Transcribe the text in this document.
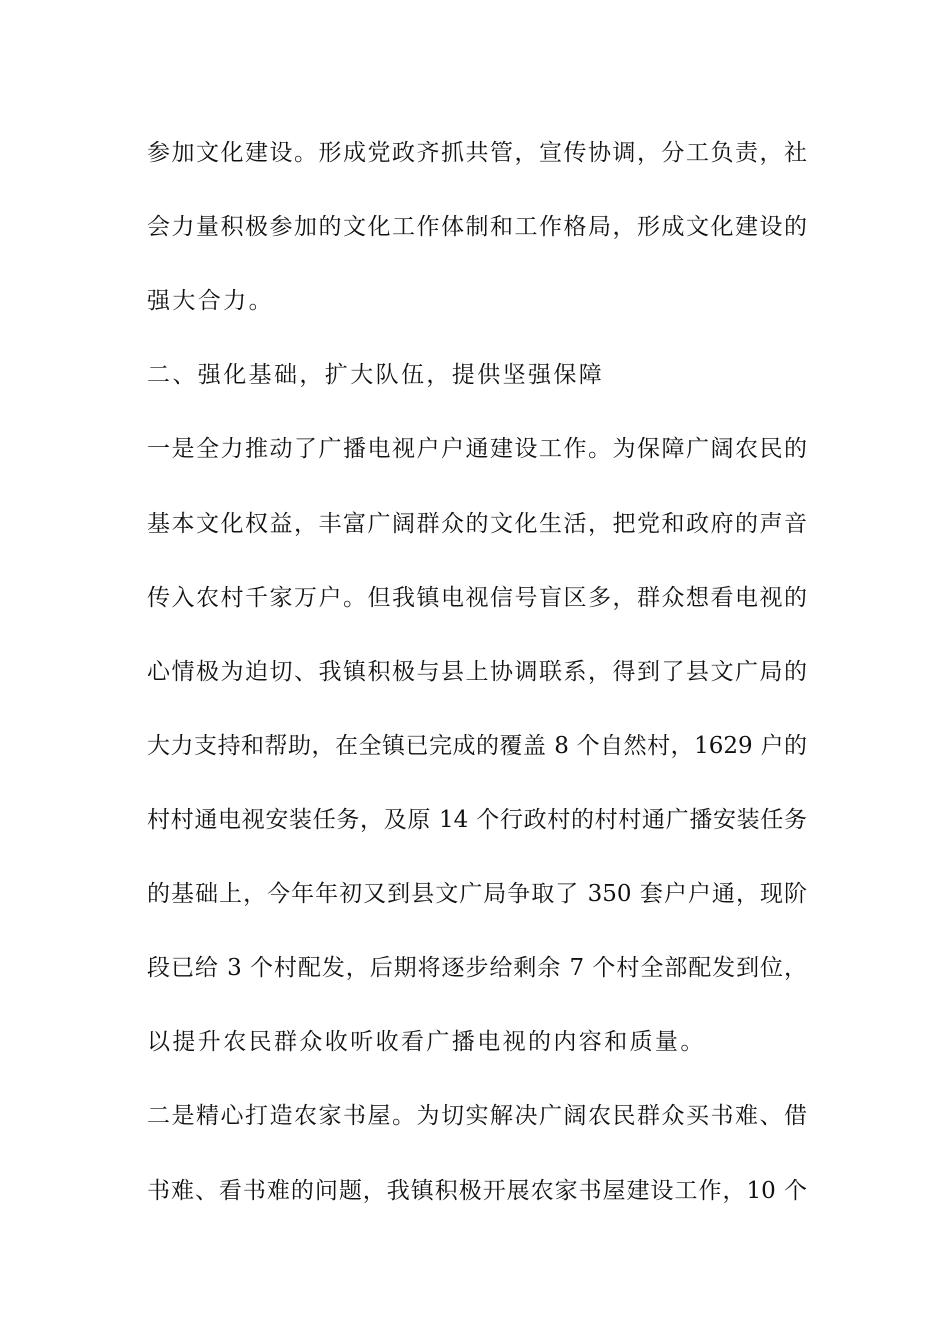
参加文化建设。形成党政齐抓共管，宣传协调，分工负责，社
会力量积极参加的文化工作体制和工作格局，形成文化建设的
强大合力。
二、强化基础，扩大队伍，提供坚强保障
一是全力推动了广播电视户户通建设工作。为保障广阔农民的
基本文化权益，丰富广阔群众的文化生活，把党和政府的声音
传入农村千家万户。但我镇电视信号盲区多，群众想看电视的
心情极为迫切、我镇积极与县上协调联系，得到了县文广局的
大力支持和帮助，在全镇已完成的覆盖 8 个自然村，1629 户的
村村通电视安装任务，及原 14 个行政村的村村通广播安装任务
的基础上，今年年初又到县文广局争取了 350 套户户通，现阶
段已给 3 个村配发，后期将逐步给剩余 7 个村全部配发到位，
以提升农民群众收听收看广播电视的内容和质量。
二是精心打造农家书屋。为切实解决广阔农民群众买书难、借
书难、看书难的问题，我镇积极开展农家书屋建设工作，10 个
